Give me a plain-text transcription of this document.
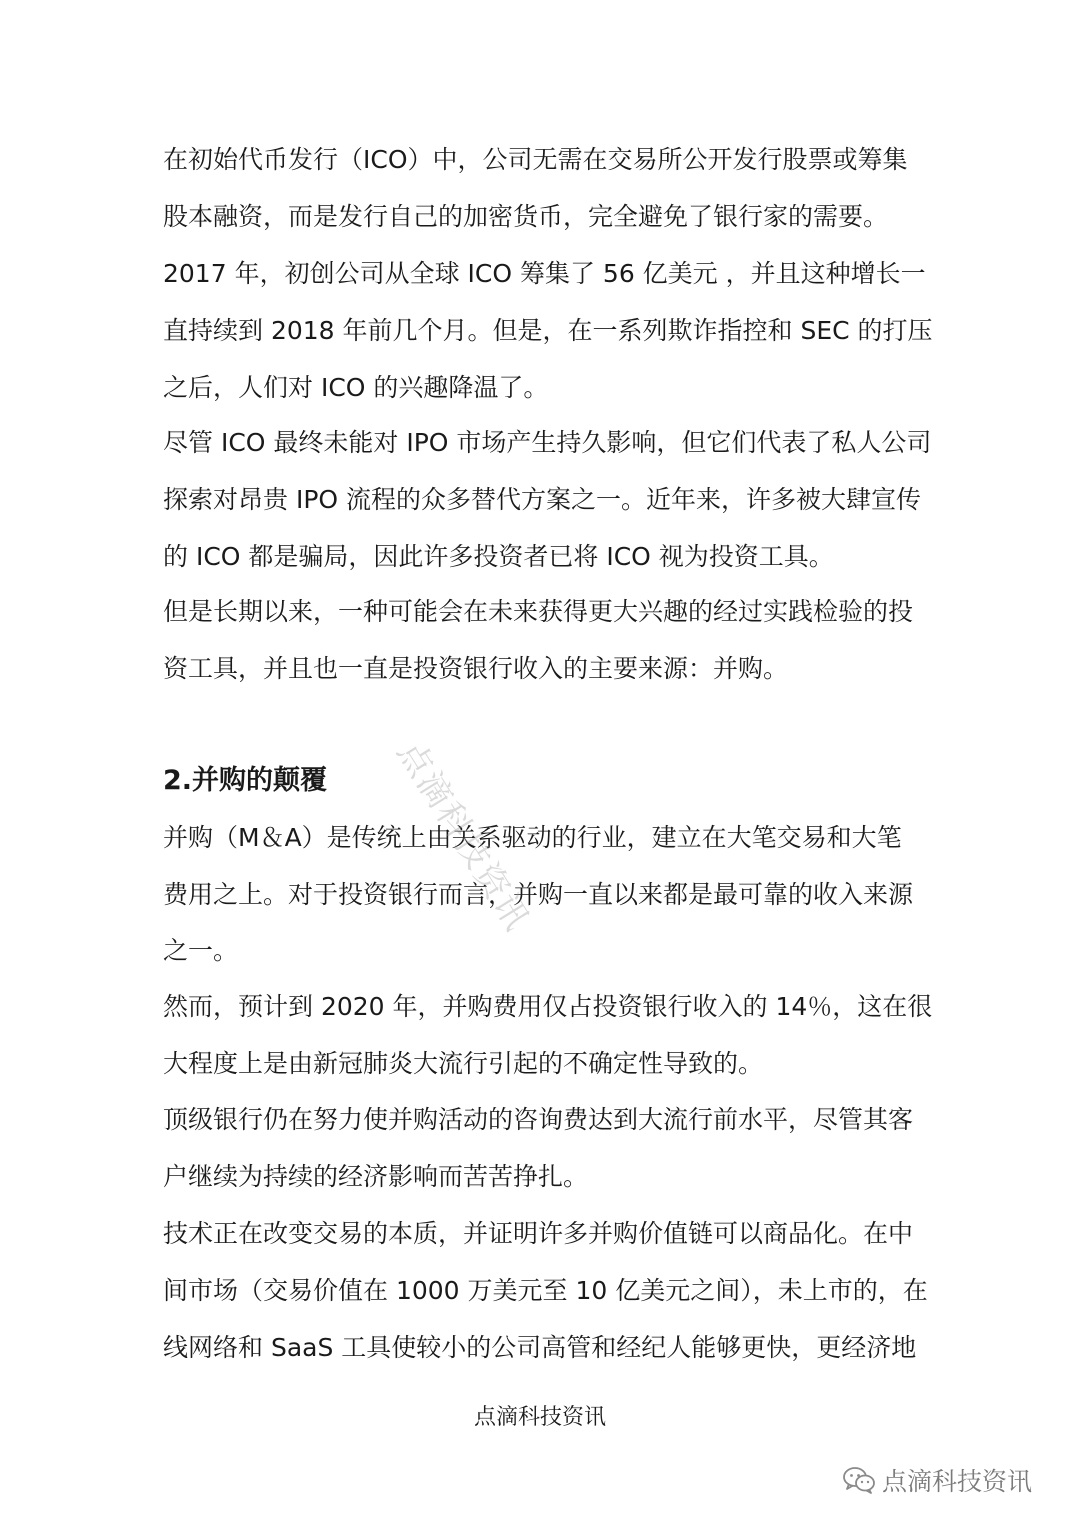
在初始代币发行（ICO）中，公司无需在交易所公开发行股票或筹集
股本融资，而是发行自己的加密货币，完全避免了银行家的需要。
2017 年，初创公司从全球 ICO 筹集了 56 亿美元 ，并且这种增长一
直持续到 2018 年前几个月。但是，在一系列欺诈指控和 SEC 的打压
之后，人们对 ICO 的兴趣降温了。
尽管 ICO 最终未能对 IPO 市场产生持久影响，但它们代表了私人公司
探索对昂贵 IPO 流程的众多替代方案之一。近年来，许多被大肆宣传
的 ICO 都是骗局，因此许多投资者已将 ICO 视为投资工具。
但是长期以来，一种可能会在未来获得更大兴趣的经过实践检验的投
资工具，并且也一直是投资银行收入的主要来源：并购。
2.并购的颠覆
并购（M＆A）是传统上由关系驱动的行业，建立在大笔交易和大笔
费用之上。对于投资银行而言，并购一直以来都是最可靠的收入来源
之一。
然而，预计到 2020 年，并购费用仅占投资银行收入的 14％，这在很
大程度上是由新冠肺炎大流行引起的不确定性导致的。
顶级银行仍在努力使并购活动的咨询费达到大流行前水平，尽管其客
户继续为持续的经济影响而苦苦挣扎。
技术正在改变交易的本质，并证明许多并购价值链可以商品化。在中
间市场（交易价值在 1000 万美元至 10 亿美元之间），未上市的，在
线网络和 SaaS 工具使较小的公司高管和经纪人能够更快，更经济地
点滴科技资讯
点滴科技资讯
点滴科技资讯
